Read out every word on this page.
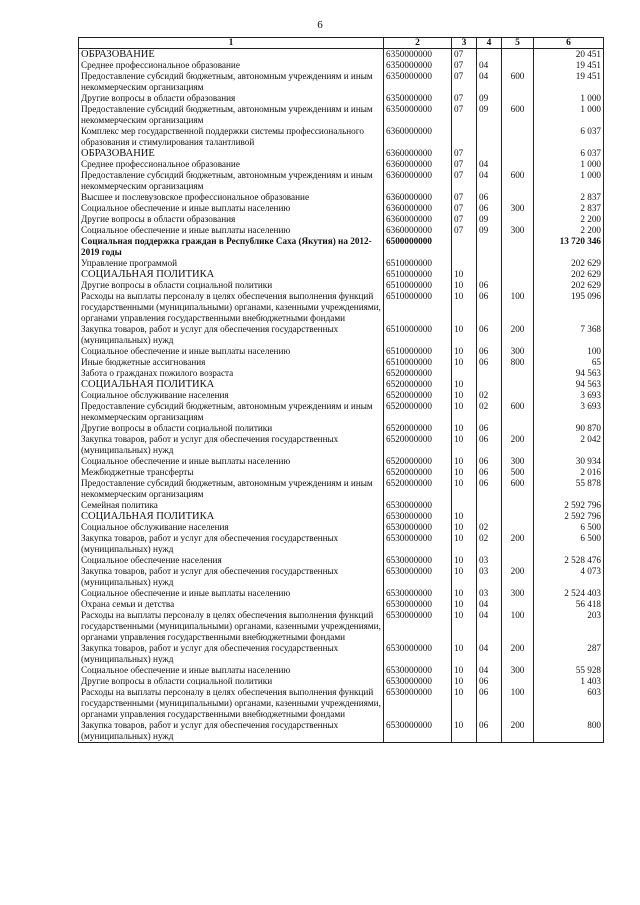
6
1	2	3	4	5	6
ОБРАЗОВАНИЕ	6350000000	07			20 451
Среднее профессиональное образование	6350000000	07	04		19 451
Предоставление субсидий бюджетным, автономным учреждениям и иным некоммерческим организациям	6350000000	07	04	600	19 451
Другие вопросы в области образования	6350000000	07	09		1 000
Предоставление субсидий бюджетным, автономным учреждениям и иным некоммерческим организациям	6350000000	07	09	600	1 000
Комплекс мер государственной поддержки системы профессионального образования и стимулирования талантливой	6360000000				6 037
ОБРАЗОВАНИЕ	6360000000	07			6 037
Среднее профессиональное образование	6360000000	07	04		1 000
Предоставление субсидий бюджетным, автономным учреждениям и иным некоммерческим организациям	6360000000	07	04	600	1 000
Высшее и послевузовское профессиональное образование	6360000000	07	06		2 837
Социальное обеспечение и иные выплаты населению	6360000000	07	06	300	2 837
Другие вопросы в области образования	6360000000	07	09		2 200
Социальное обеспечение и иные выплаты населению	6360000000	07	09	300	2 200
Социальная поддержка граждан в Республике Саха (Якутия) на 2012-2019 годы	6500000000				13 720 346
Управление программой	6510000000				202 629
СОЦИАЛЬНАЯ ПОЛИТИКА	6510000000	10			202 629
Другие вопросы в области социальной политики	6510000000	10	06		202 629
Расходы на выплаты персоналу в целях обеспечения выполнения функций государственными (муниципальными) органами, казенными учреждениями, органами управления государственными внебюджетными фондами	6510000000	10	06	100	195 096
Закупка товаров, работ и услуг для обеспечения государственных (муниципальных) нужд	6510000000	10	06	200	7 368
Социальное обеспечение и иные выплаты населению	6510000000	10	06	300	100
Иные бюджетные ассигнования	6510000000	10	06	800	65
Забота о гражданах пожилого возраста	6520000000				94 563
СОЦИАЛЬНАЯ ПОЛИТИКА	6520000000	10			94 563
Социальное обслуживание населения	6520000000	10	02		3 693
Предоставление субсидий бюджетным, автономным учреждениям и иным некоммерческим организациям	6520000000	10	02	600	3 693
Другие вопросы в области социальной политики	6520000000	10	06		90 870
Закупка товаров, работ и услуг для обеспечения государственных (муниципальных) нужд	6520000000	10	06	200	2 042
Социальное обеспечение и иные выплаты населению	6520000000	10	06	300	30 934
Межбюджетные трансферты	6520000000	10	06	500	2 016
Предоставление субсидий бюджетным, автономным учреждениям и иным некоммерческим организациям	6520000000	10	06	600	55 878
Семейная политика	6530000000				2 592 796
СОЦИАЛЬНАЯ ПОЛИТИКА	6530000000	10			2 592 796
Социальное обслуживание населения	6530000000	10	02		6 500
Закупка товаров, работ и услуг для обеспечения государственных (муниципальных) нужд	6530000000	10	02	200	6 500
Социальное обеспечение населения	6530000000	10	03		2 528 476
Закупка товаров, работ и услуг для обеспечения государственных (муниципальных) нужд	6530000000	10	03	200	4 073
Социальное обеспечение и иные выплаты населению	6530000000	10	03	300	2 524 403
Охрана семьи и детства	6530000000	10	04		56 418
Расходы на выплаты персоналу в целях обеспечения выполнения функций государственными (муниципальными) органами, казенными учреждениями, органами управления государственными внебюджетными фондами	6530000000	10	04	100	203
Закупка товаров, работ и услуг для обеспечения государственных (муниципальных) нужд	6530000000	10	04	200	287
Социальное обеспечение и иные выплаты населению	6530000000	10	04	300	55 928
Другие вопросы в области социальной политики	6530000000	10	06		1 403
Расходы на выплаты персоналу в целях обеспечения выполнения функций государственными (муниципальными) органами, казенными учреждениями, органами управления государственными внебюджетными фондами	6530000000	10	06	100	603
Закупка товаров, работ и услуг для обеспечения государственных (муниципальных) нужд	6530000000	10	06	200	800
